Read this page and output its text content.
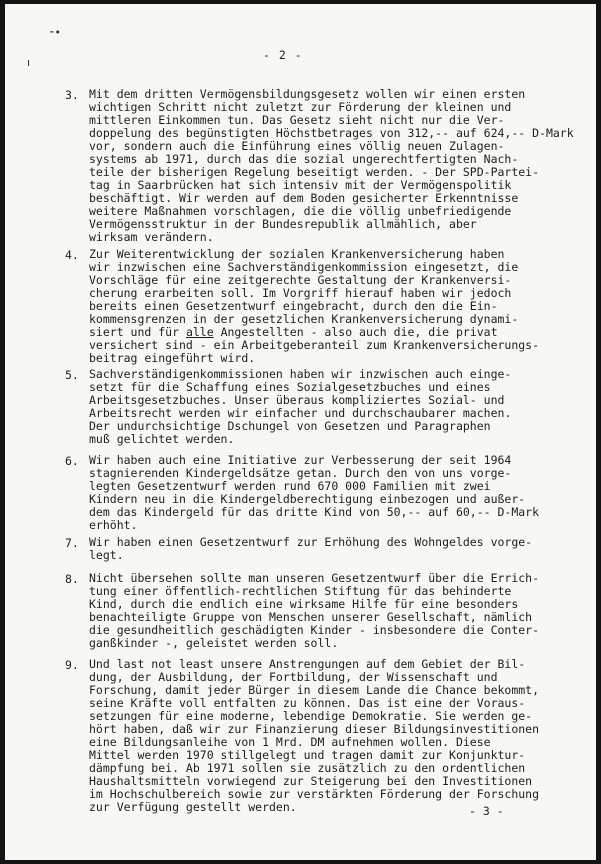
⁃•
ı
- 2 -
3. Mit dem dritten Vermögensbildungsgesetz wollen wir einen ersten
wichtigen Schritt nicht zuletzt zur Förderung der kleinen und
mittleren Einkommen tun. Das Gesetz sieht nicht nur die Ver-
doppelung des begünstigten Höchstbetrages von 312,-- auf 624,-- D-Mark
vor, sondern auch die Einführung eines völlig neuen Zulagen-
systems ab 1971, durch das die sozial ungerechtfertigten Nach-
teile der bisherigen Regelung beseitigt werden. - Der SPD-Partei-
tag in Saarbrücken hat sich intensiv mit der Vermögenspolitik
beschäftigt. Wir werden auf dem Boden gesicherter Erkenntnisse
weitere Maßnahmen vorschlagen, die die völlig unbefriedigende
Vermögensstruktur in der Bundesrepublik allmählich, aber
wirksam verändern.
4. Zur Weiterentwicklung der sozialen Krankenversicherung haben
wir inzwischen eine Sachverständigenkommission eingesetzt, die
Vorschläge für eine zeitgerechte Gestaltung der Krankenversi-
cherung erarbeiten soll. Im Vorgriff hierauf haben wir jedoch
bereits einen Gesetzentwurf eingebracht, durch den die Ein-
kommensgrenzen in der gesetzlichen Krankenversicherung dynami-
siert und für alle Angestellten - also auch die, die privat
versichert sind - ein Arbeitgeberanteil zum Krankenversicherungs-
beitrag eingeführt wird.
5. Sachverständigenkommissionen haben wir inzwischen auch einge-
setzt für die Schaffung eines Sozialgesetzbuches und eines
Arbeitsgesetzbuches. Unser überaus kompliziertes Sozial- und
Arbeitsrecht werden wir einfacher und durchschaubarer machen.
Der undurchsichtige Dschungel von Gesetzen und Paragraphen
muß gelichtet werden.
6. Wir haben auch eine Initiative zur Verbesserung der seit 1964
stagnierenden Kindergeldsätze getan. Durch den von uns vorge-
legten Gesetzentwurf werden rund 670 000 Familien mit zwei
Kindern neu in die Kindergeldberechtigung einbezogen und außer-
dem das Kindergeld für das dritte Kind von 50,-- auf 60,-- D-Mark
erhöht.
7. Wir haben einen Gesetzentwurf zur Erhöhung des Wohngeldes vorge-
legt.
8. Nicht übersehen sollte man unseren Gesetzentwurf über die Errich-
tung einer öffentlich-rechtlichen Stiftung für das behinderte
Kind, durch die endlich eine wirksame Hilfe für eine besonders
benachteiligte Gruppe von Menschen unserer Gesellschaft, nämlich
die gesundheitlich geschädigten Kinder - insbesondere die Conter-
ganßkinder -, geleistet werden soll.
9. Und last not least unsere Anstrengungen auf dem Gebiet der Bil-
dung, der Ausbildung, der Fortbildung, der Wissenschaft und
Forschung, damit jeder Bürger in diesem Lande die Chance bekommt,
seine Kräfte voll entfalten zu können. Das ist eine der Voraus-
setzungen für eine moderne, lebendige Demokratie. Sie werden ge-
hört haben, daß wir zur Finanzierung dieser Bildungsinvestitionen
eine Bildungsanleihe von 1 Mrd. DM aufnehmen wollen. Diese
Mittel werden 1970 stillgelegt und tragen damit zur Konjunktur-
dämpfung bei. Ab 1971 sollen sie zusätzlich zu den ordentlichen
Haushaltsmitteln vorwiegend zur Steigerung bei den Investitionen
im Hochschulbereich sowie zur verstärkten Förderung der Forschung
zur Verfügung gestellt werden.	- 3 -
